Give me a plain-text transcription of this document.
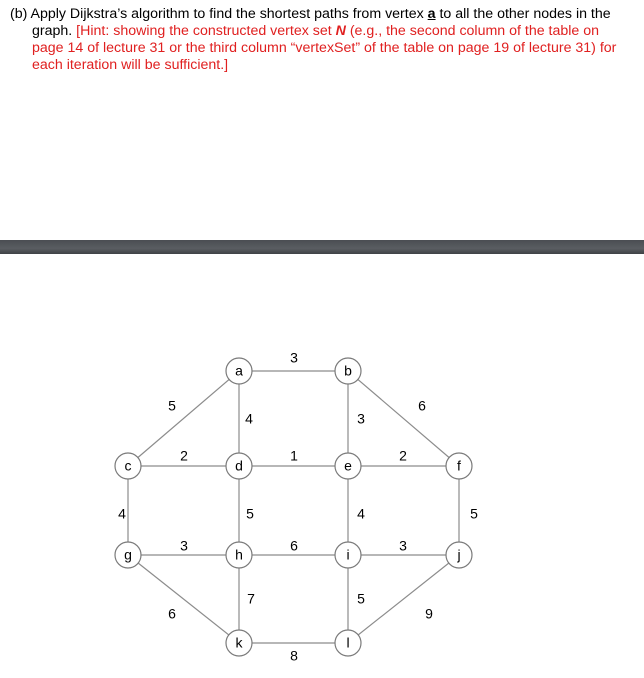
(b) Apply Dijkstra’s algorithm to find the shortest paths from vertex a to all the other nodes in the graph. [Hint: showing the constructed vertex set N (e.g., the second column of the table on page 14 of lecture 31 or the third column “vertexSet” of the table on page 19 of lecture 31) for each iteration will be sufficient.]
3
5
4	3
6
2
4
1
5
2
4	5
3
6
6
7
3
5
9
8
a	b
c	d	e	f
g	h	i	j
k	l
